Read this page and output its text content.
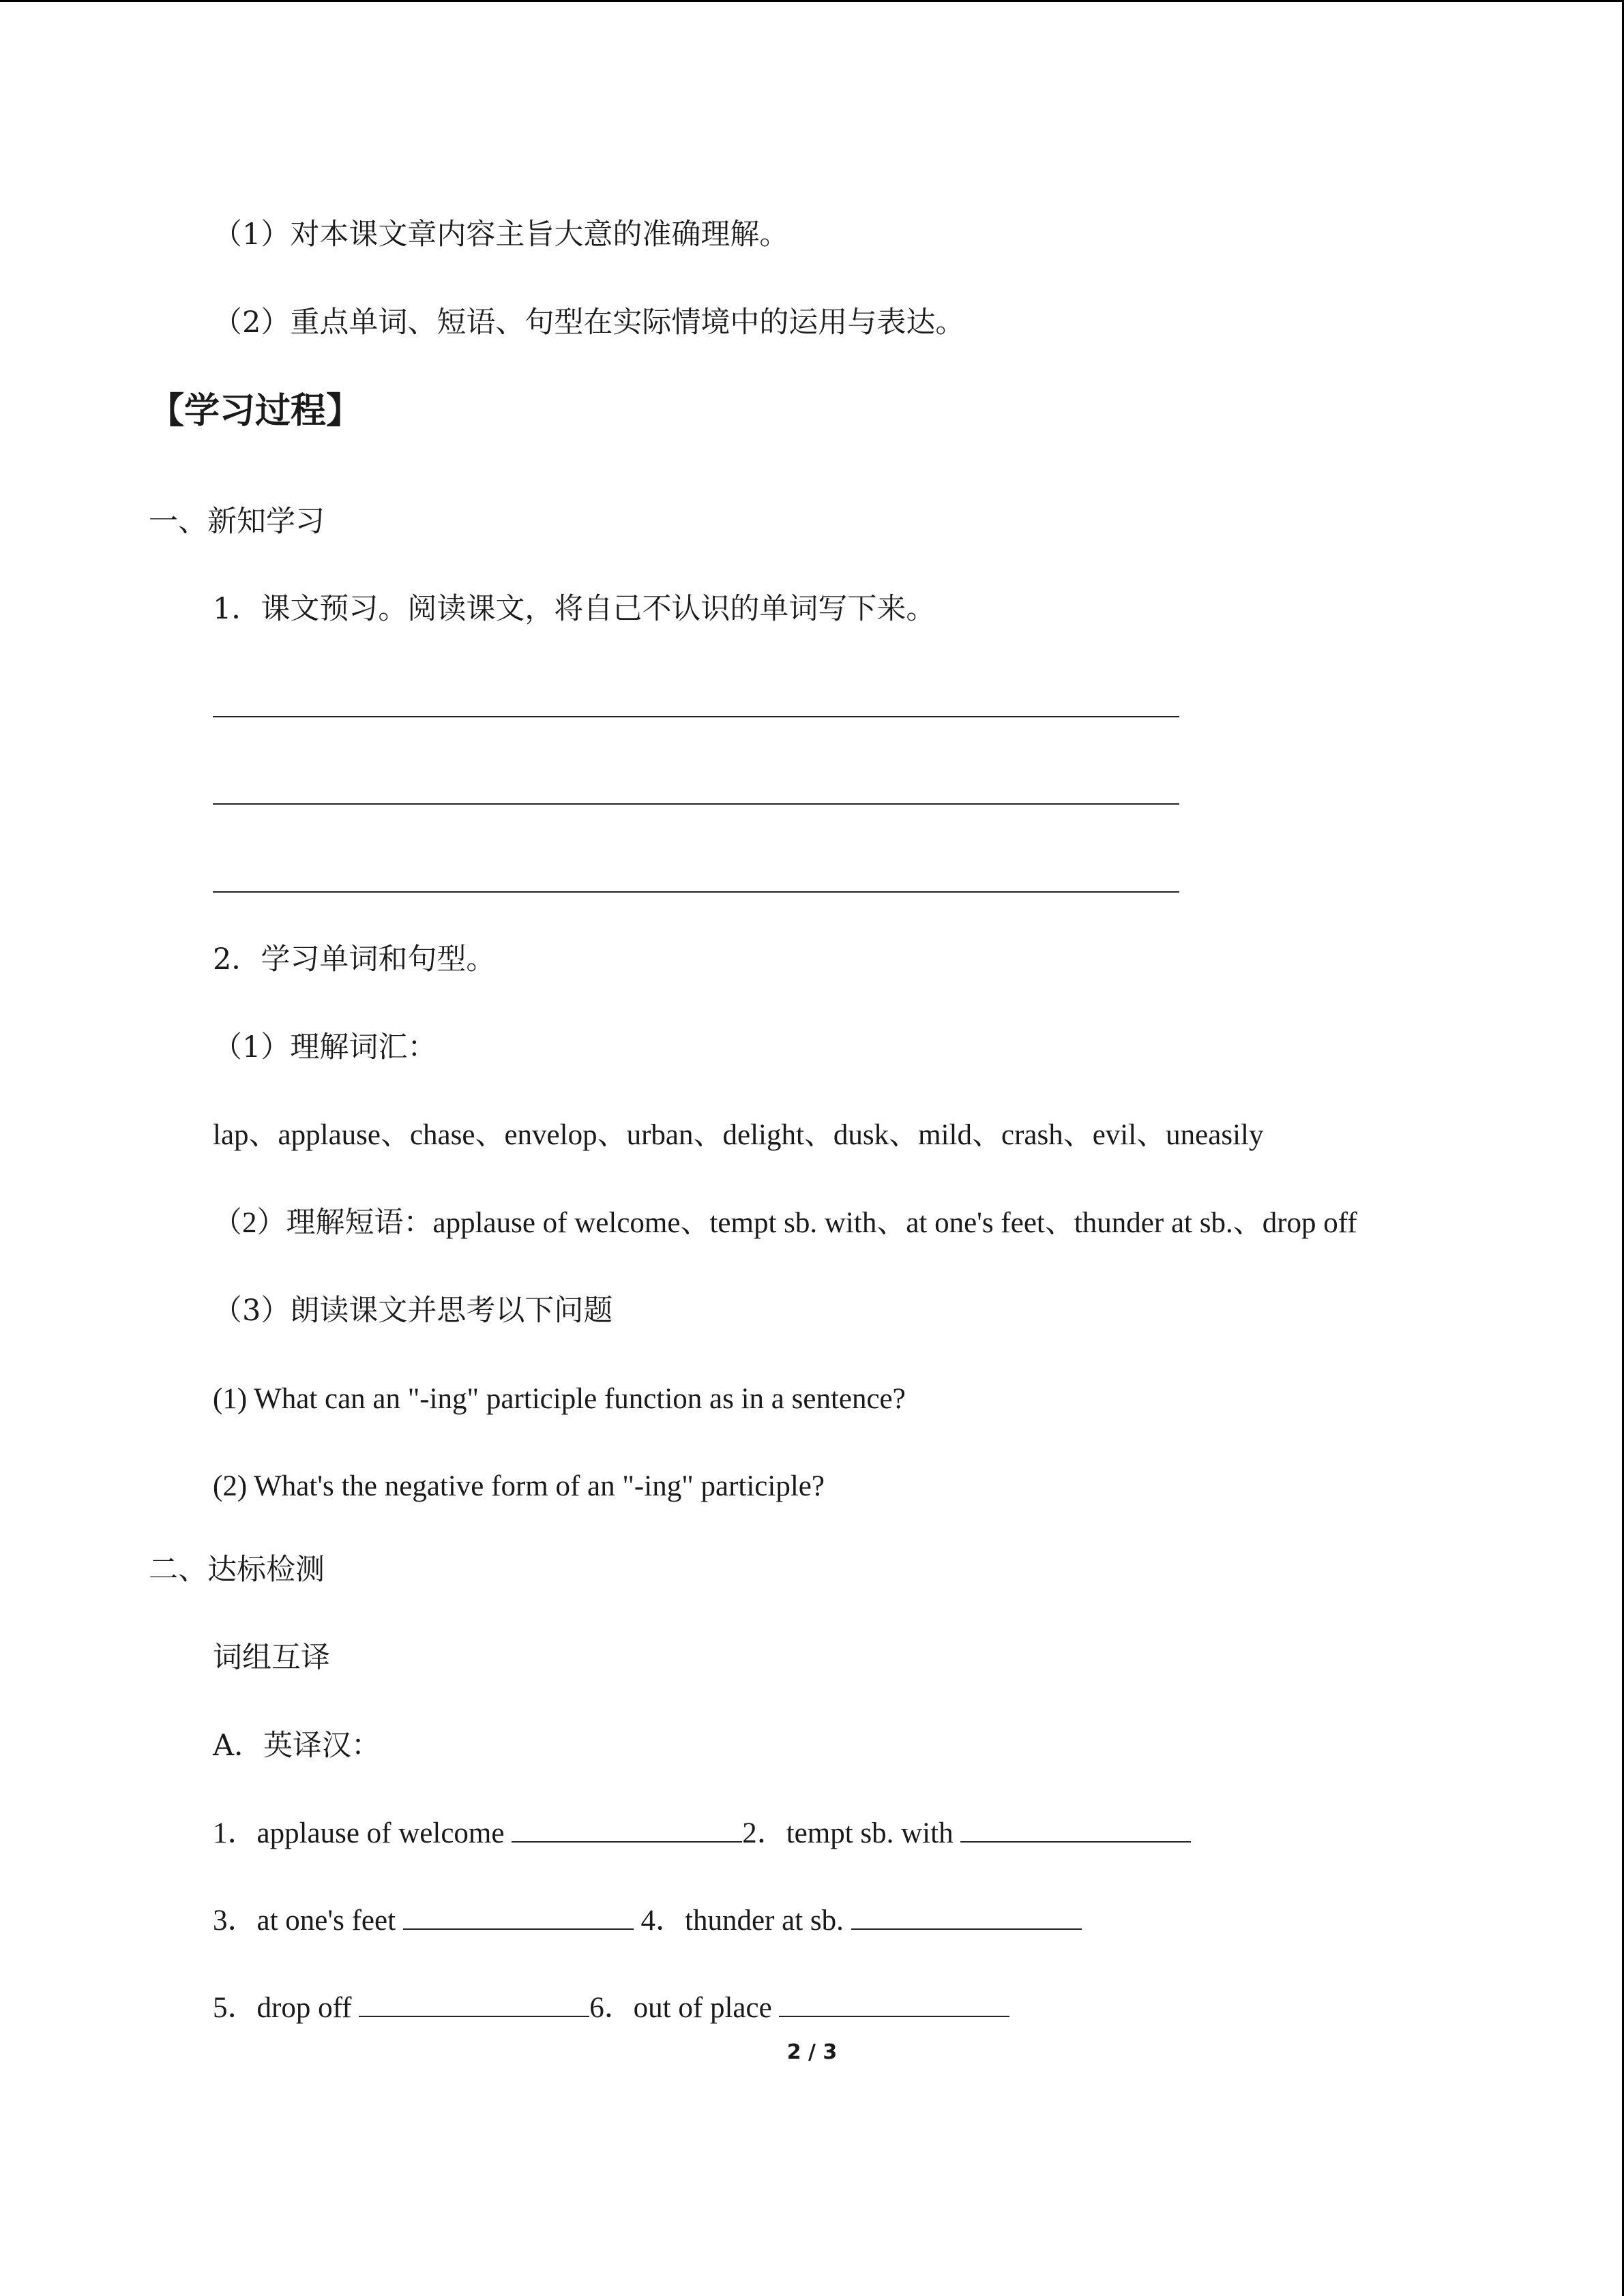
（1）对本课文章内容主旨大意的准确理解。
（2）重点单词、短语、句型在实际情境中的运用与表达。
【学习过程】
一、新知学习
1．课文预习。阅读课文，将自己不认识的单词写下来。
2．学习单词和句型。
（1）理解词汇：
lap、applause、chase、envelop、urban、delight、dusk、mild、crash、evil、uneasily
（2）理解短语：applause of welcome、tempt sb. with、at one's feet、thunder at sb.、drop off
（3）朗读课文并思考以下问题
(1) What can an "-ing" participle function as in a sentence?
(2) What's the negative form of an "-ing" participle?
二、达标检测
词组互译
A．英译汉：
1．applause of welcome	2．tempt sb. with
3．at one's feet	4．thunder at sb.
5．drop off	6．out of place
2 / 3
